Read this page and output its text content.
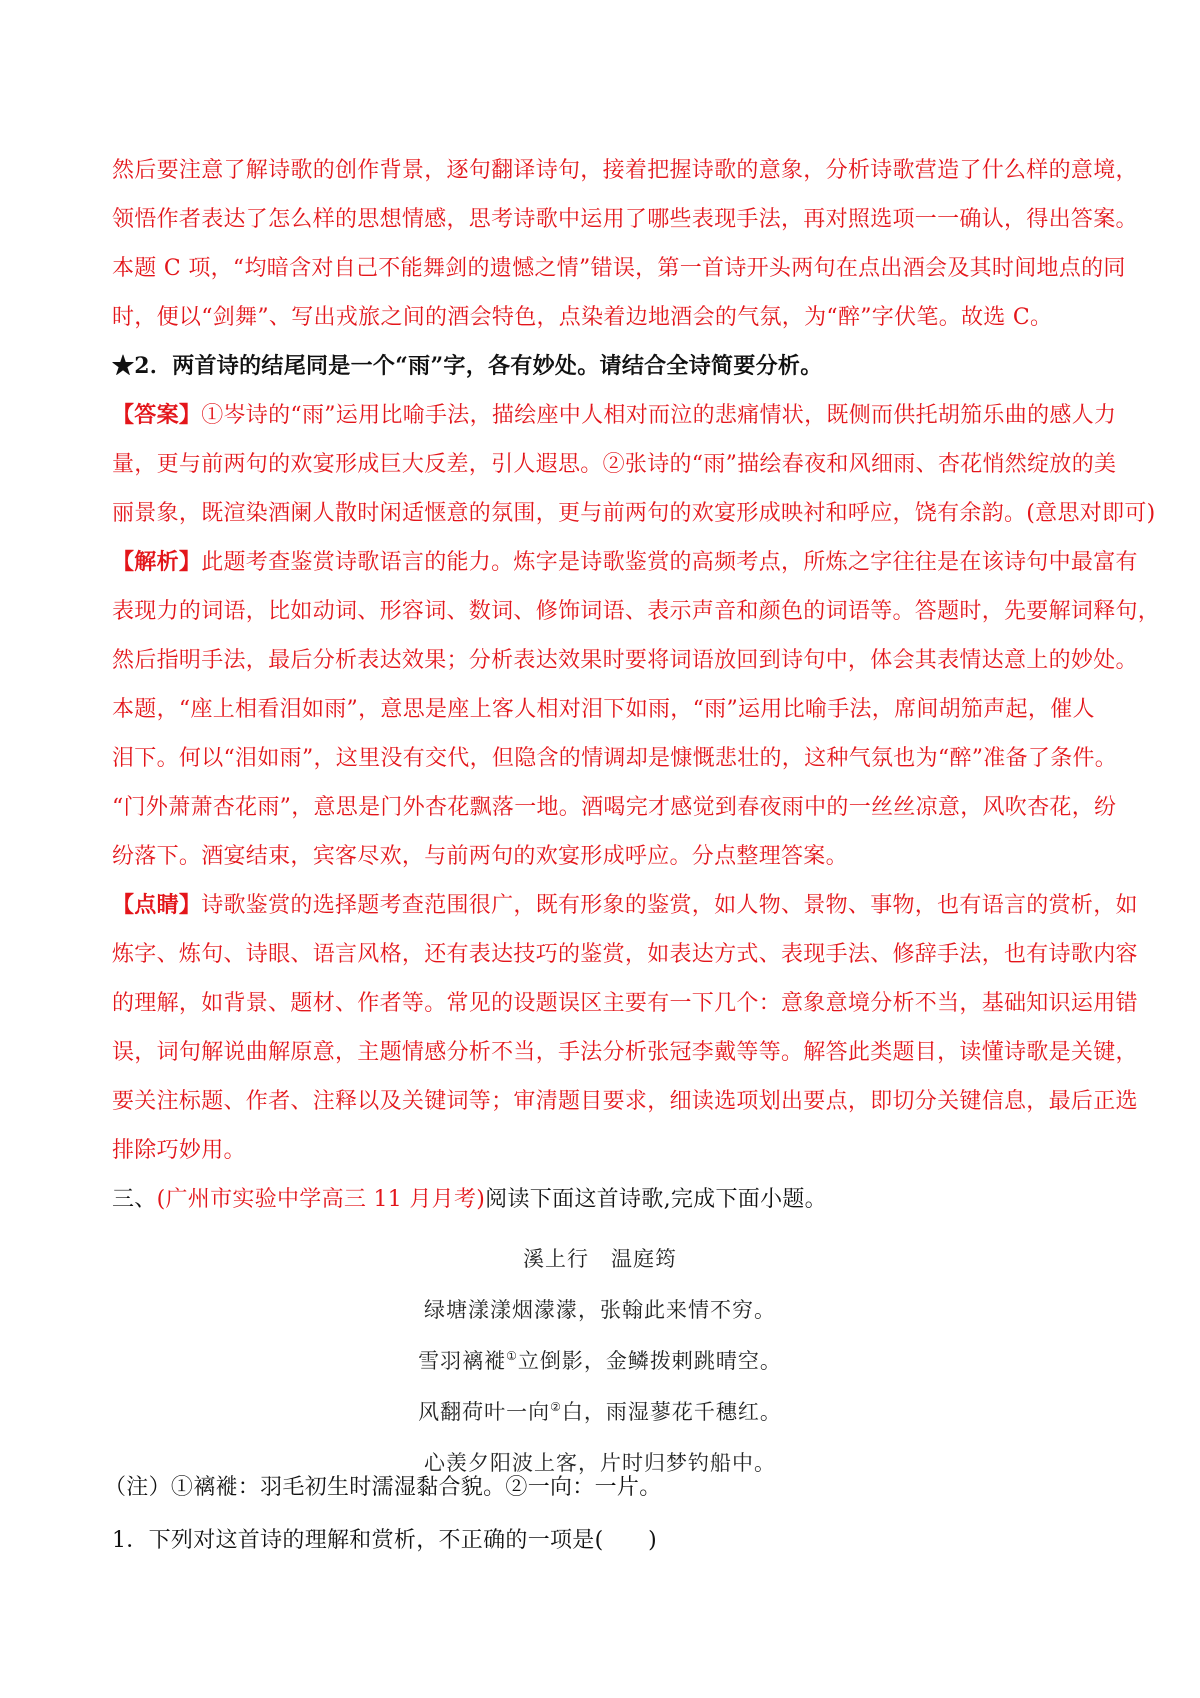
然后要注意了解诗歌的创作背景，逐句翻译诗句，接着把握诗歌的意象，分析诗歌营造了什么样的意境，
领悟作者表达了怎么样的思想情感，思考诗歌中运用了哪些表现手法，再对照选项一一确认，得出答案。
本题 C 项，“均暗含对自己不能舞剑的遗憾之情”错误，第一首诗开头两句在点出酒会及其时间地点的同
时，便以“剑舞”、写出戎旅之间的酒会特色，点染着边地酒会的气氛，为“醉”字伏笔。故选 C。
★2．两首诗的结尾同是一个“雨”字，各有妙处。请结合全诗简要分析。
【答案】①岑诗的“雨”运用比喻手法，描绘座中人相对而泣的悲痛情状，既侧而供托胡笳乐曲的感人力
量，更与前两句的欢宴形成巨大反差，引人遐思。②张诗的“雨”描绘春夜和风细雨、杏花悄然绽放的美
丽景象，既渲染酒阑人散时闲适惬意的氛围，更与前两句的欢宴形成映衬和呼应，饶有余韵。(意思对即可)
【解析】此题考查鉴赏诗歌语言的能力。炼字是诗歌鉴赏的高频考点，所炼之字往往是在该诗句中最富有
表现力的词语，比如动词、形容词、数词、修饰词语、表示声音和颜色的词语等。答题时，先要解词释句，
然后指明手法，最后分析表达效果；分析表达效果时要将词语放回到诗句中，体会其表情达意上的妙处。
本题，“座上相看泪如雨”，意思是座上客人相对泪下如雨，“雨”运用比喻手法，席间胡笳声起，催人
泪下。何以“泪如雨”，这里没有交代，但隐含的情调却是慷慨悲壮的，这种气氛也为“醉”准备了条件。
“门外萧萧杏花雨”，意思是门外杏花飘落一地。酒喝完才感觉到春夜雨中的一丝丝凉意，风吹杏花，纷
纷落下。酒宴结束，宾客尽欢，与前两句的欢宴形成呼应。分点整理答案。
【点睛】诗歌鉴赏的选择题考查范围很广，既有形象的鉴赏，如人物、景物、事物，也有语言的赏析，如
炼字、炼句、诗眼、语言风格，还有表达技巧的鉴赏，如表达方式、表现手法、修辞手法，也有诗歌内容
的理解，如背景、题材、作者等。常见的设题误区主要有一下几个：意象意境分析不当，基础知识运用错
误，词句解说曲解原意，主题情感分析不当，手法分析张冠李戴等等。解答此类题目，读懂诗歌是关键，
要关注标题、作者、注释以及关键词等；审清题目要求，细读选项划出要点，即切分关键信息，最后正选
排除巧妙用。
三、(广州市实验中学高三 11 月月考)阅读下面这首诗歌,完成下面小题。
溪上行　温庭筠
绿塘漾漾烟濛濛，张翰此来情不穷。
雪羽褵褷①立倒影，金鳞拨剌跳晴空。
风翻荷叶一向②白，雨湿蓼花千穗红。
心羡夕阳波上客，片时归梦钓船中。
（注）①褵褷：羽毛初生时濡湿黏合貌。②一向：一片。
1．下列对这首诗的理解和赏析，不正确的一项是(　　)
